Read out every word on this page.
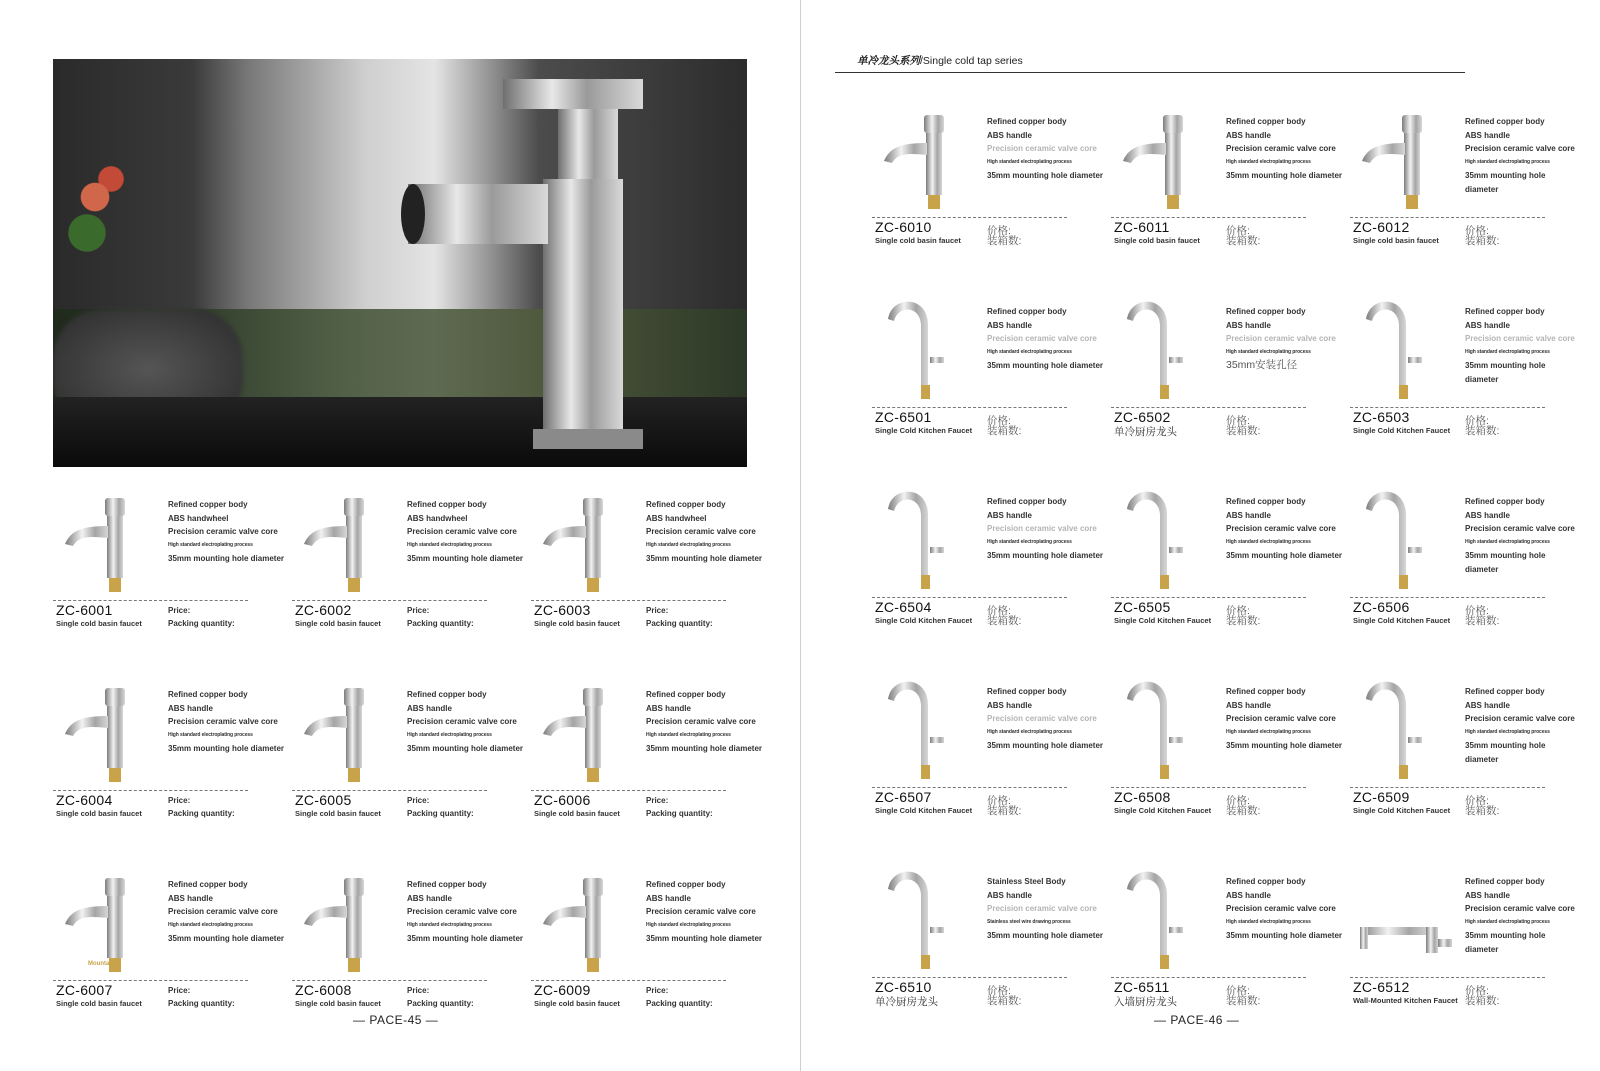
— PACE-45 —	— PACE-46 —
单冷龙头系列/Single cold tap series
Refined copper body
ABS handwheel
Precision ceramic valve core
High standard electroplating process
35mm mounting hole diameter
ZC-6001
Single cold basin faucet
Price:
Packing quantity:
Refined copper body
ABS handwheel
Precision ceramic valve core
High standard electroplating process
35mm mounting hole diameter
ZC-6002
Single cold basin faucet
Price:
Packing quantity:
Refined copper body
ABS handwheel
Precision ceramic valve core
High standard electroplating process
35mm mounting hole diameter
ZC-6003
Single cold basin faucet
Price:
Packing quantity:
Refined copper body
ABS handle
Precision ceramic valve core
High standard electroplating process
35mm mounting hole diameter
ZC-6004
Single cold basin faucet
Price:
Packing quantity:
Refined copper body
ABS handle
Precision ceramic valve core
High standard electroplating process
35mm mounting hole diameter
ZC-6005
Single cold basin faucet
Price:
Packing quantity:
Refined copper body
ABS handle
Precision ceramic valve core
High standard electroplating process
35mm mounting hole diameter
ZC-6006
Single cold basin faucet
Price:
Packing quantity:
Mountain
Refined copper body
ABS handle
Precision ceramic valve core
High standard electroplating process
35mm mounting hole diameter
ZC-6007
Single cold basin faucet
Price:
Packing quantity:
Refined copper body
ABS handle
Precision ceramic valve core
High standard electroplating process
35mm mounting hole diameter
ZC-6008
Single cold basin faucet
Price:
Packing quantity:
Refined copper body
ABS handle
Precision ceramic valve core
High standard electroplating process
35mm mounting hole diameter
ZC-6009
Single cold basin faucet
Price:
Packing quantity:
Refined copper body
ABS handle
Precision ceramic valve core
High standard electroplating process
35mm mounting hole diameter
ZC-6010
Single cold basin faucet
价格:
装箱数:
Refined copper body
ABS handle
Precision ceramic valve core
High standard electroplating process
35mm mounting hole diameter
ZC-6011
Single cold basin faucet
价格:
装箱数:
Refined copper body
ABS handle
Precision ceramic valve core
High standard electroplating process
35mm mounting hole
diameter
ZC-6012
Single cold basin faucet
价格:
装箱数:
Refined copper body
ABS handle
Precision ceramic valve core
High standard electroplating process
35mm mounting hole diameter
ZC-6501
Single Cold Kitchen Faucet
价格:
装箱数:
Refined copper body
ABS handle
Precision ceramic valve core
High standard electroplating process
35mm安装孔径
ZC-6502
单冷厨房龙头
价格:
装箱数:
Refined copper body
ABS handle
Precision ceramic valve core
High standard electroplating process
35mm mounting hole
diameter
ZC-6503
Single Cold Kitchen Faucet
价格:
装箱数:
Refined copper body
ABS handle
Precision ceramic valve core
High standard electroplating process
35mm mounting hole diameter
ZC-6504
Single Cold Kitchen Faucet
价格:
装箱数:
Refined copper body
ABS handle
Precision ceramic valve core
High standard electroplating process
35mm mounting hole diameter
ZC-6505
Single Cold Kitchen Faucet
价格:
装箱数:
Refined copper body
ABS handle
Precision ceramic valve core
High standard electroplating process
35mm mounting hole
diameter
ZC-6506
Single Cold Kitchen Faucet
价格:
装箱数:
Refined copper body
ABS handle
Precision ceramic valve core
High standard electroplating process
35mm mounting hole diameter
ZC-6507
Single Cold Kitchen Faucet
价格:
装箱数:
Refined copper body
ABS handle
Precision ceramic valve core
High standard electroplating process
35mm mounting hole diameter
ZC-6508
Single Cold Kitchen Faucet
价格:
装箱数:
Refined copper body
ABS handle
Precision ceramic valve core
High standard electroplating process
35mm mounting hole
diameter
ZC-6509
Single Cold Kitchen Faucet
价格:
装箱数:
Stainless Steel Body
ABS handle
Precision ceramic valve core
Stainless steel wire drawing process
35mm mounting hole diameter
ZC-6510
单冷厨房龙头
价格:
装箱数:
Refined copper body
ABS handle
Precision ceramic valve core
High standard electroplating process
35mm mounting hole diameter
ZC-6511
入墙厨房龙头
价格:
装箱数:
Refined copper body
ABS handle
Precision ceramic valve core
High standard electroplating process
35mm mounting hole
diameter
ZC-6512
Wall-Mounted Kitchen Faucet
价格:
装箱数:
